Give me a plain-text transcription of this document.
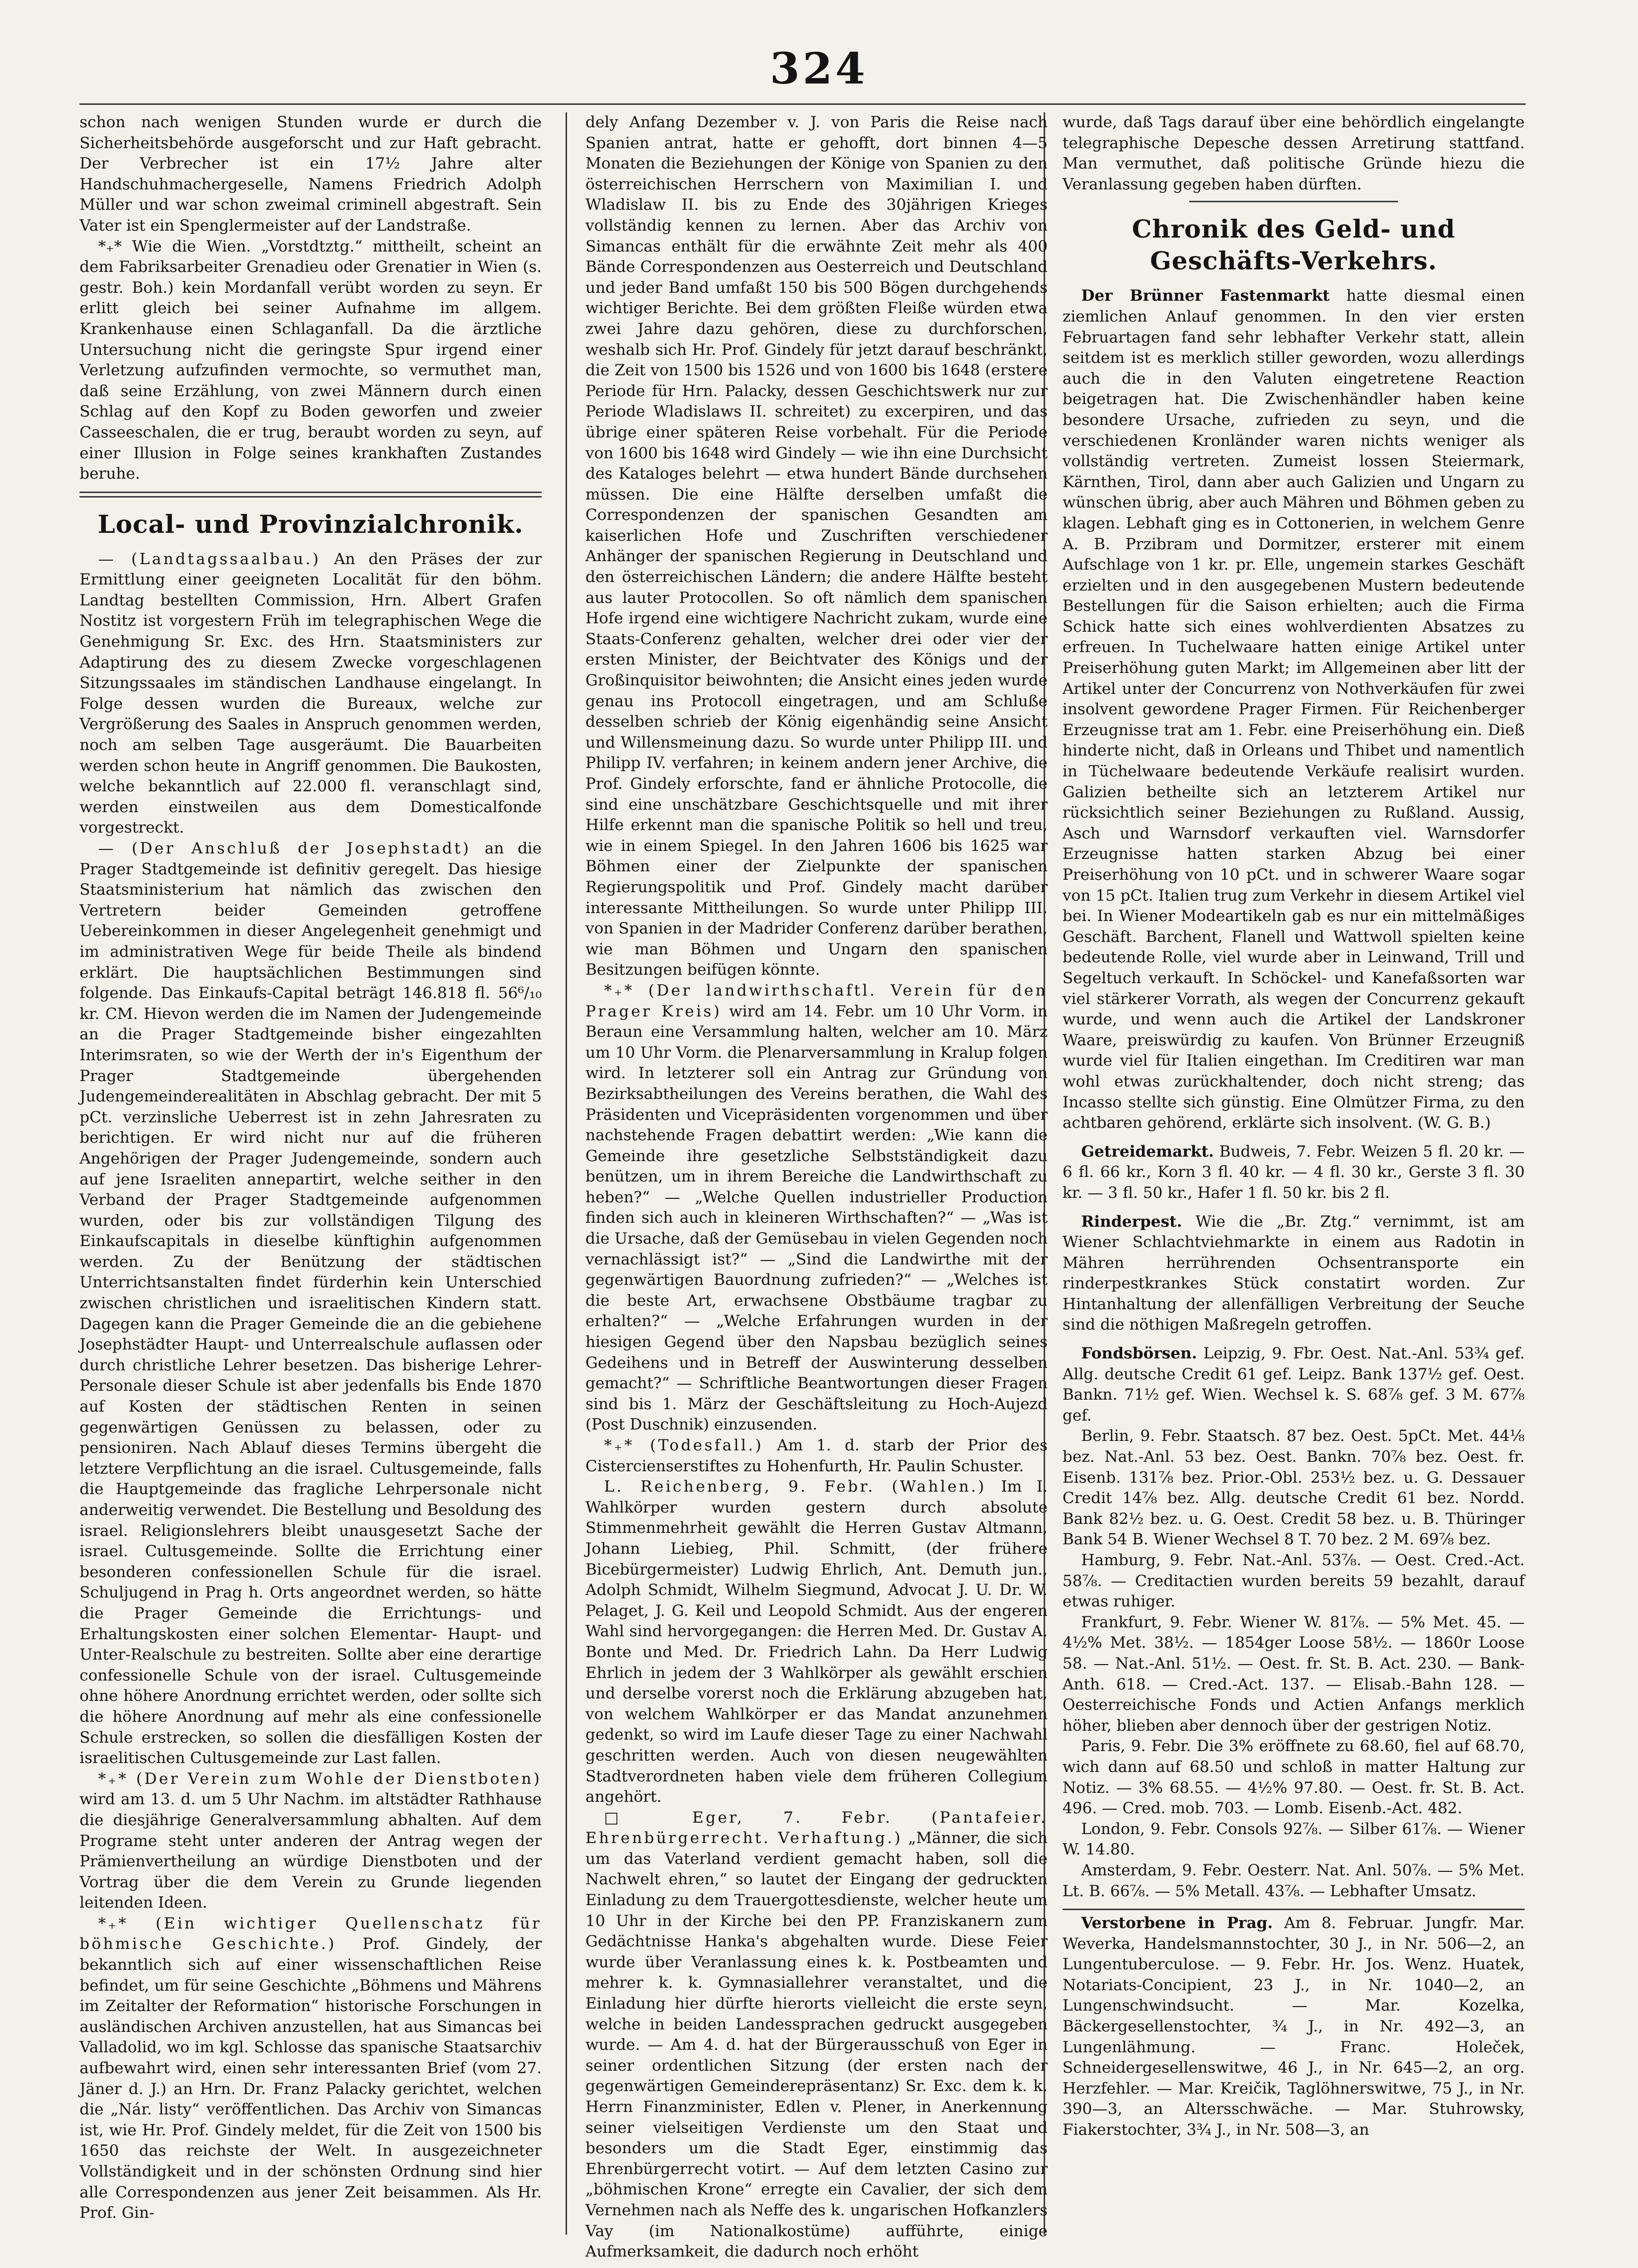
324

schon nach wenigen Stunden wurde er durch die Sicherheitsbehörde ausgeforscht und zur Haft gebracht. Der Verbrecher ist ein 17½ Jahre alter Handschuhmachergeselle, Namens Friedrich Adolph Müller und war schon zweimal criminell abgestraft. Sein Vater ist ein Spenglermeister auf der Landstraße.

*₊* Wie die Wien. „Vorstdtztg.“ mittheilt, scheint an dem Fabriksarbeiter Grenadieu oder Grenatier in Wien (s. gestr. Boh.) kein Mordanfall verübt worden zu seyn. Er erlitt gleich bei seiner Aufnahme im allgem. Krankenhause einen Schlaganfall. Da die ärztliche Untersuchung nicht die geringste Spur irgend einer Verletzung aufzufinden vermochte, so vermuthet man, daß seine Erzählung, von zwei Männern durch einen Schlag auf den Kopf zu Boden geworfen und zweier Casseeschalen, die er trug, beraubt worden zu seyn, auf einer Illusion in Folge seines krankhaften Zustandes beruhe.

Local- und Provinzialchronik.

— (Landtagssaalbau.) An den Präses der zur Ermittlung einer geeigneten Localität für den böhm. Landtag bestellten Commission, Hrn. Albert Grafen Nostitz ist vorgestern Früh im telegraphischen Wege die Genehmigung Sr. Exc. des Hrn. Staatsministers zur Adaptirung des zu diesem Zwecke vorgeschlagenen Sitzungssaales im ständischen Landhause eingelangt. In Folge dessen wurden die Bureaux, welche zur Vergrößerung des Saales in Anspruch genommen werden, noch am selben Tage ausgeräumt. Die Bauarbeiten werden schon heute in Angriff genommen. Die Baukosten, welche bekanntlich auf 22.000 fl. veranschlagt sind, werden einstweilen aus dem Domesticalfonde vorgestreckt.

— (Der Anschluß der Josephstadt) an die Prager Stadtgemeinde ist definitiv geregelt. Das hiesige Staatsministerium hat nämlich das zwischen den Vertretern beider Gemeinden getroffene Uebereinkommen in dieser Angelegenheit genehmigt und im administrativen Wege für beide Theile als bindend erklärt. Die hauptsächlichen Bestimmungen sind folgende. Das Einkaufs-Capital beträgt 146.818 fl. 56⁶/₁₀ kr. CM. Hievon werden die im Namen der Judengemeinde an die Prager Stadtgemeinde bisher eingezahlten Interimsraten, so wie der Werth der in's Eigenthum der Prager Stadtgemeinde übergehenden Judengemeinderealitäten in Abschlag gebracht. Der mit 5 pCt. verzinsliche Ueberrest ist in zehn Jahresraten zu berichtigen. Er wird nicht nur auf die früheren Angehörigen der Prager Judengemeinde, sondern auch auf jene Israeliten annepartirt, welche seither in den Verband der Prager Stadtgemeinde aufgenommen wurden, oder bis zur vollständigen Tilgung des Einkaufscapitals in dieselbe künftighin aufgenommen werden. Zu der Benützung der städtischen Unterrichtsanstalten findet fürderhin kein Unterschied zwischen christlichen und israelitischen Kindern statt. Dagegen kann die Prager Gemeinde die an die gebiehene Josephstädter Haupt- und Unterrealschule auflassen oder durch christliche Lehrer besetzen. Das bisherige Lehrer-Personale dieser Schule ist aber jedenfalls bis Ende 1870 auf Kosten der städtischen Renten in seinen gegenwärtigen Genüssen zu belassen, oder zu pensioniren. Nach Ablauf dieses Termins übergeht die letztere Verpflichtung an die israel. Cultusgemeinde, falls die Hauptgemeinde das fragliche Lehrpersonale nicht anderweitig verwendet. Die Bestellung und Besoldung des israel. Religionslehrers bleibt unausgesetzt Sache der israel. Cultusgemeinde. Sollte die Errichtung einer besonderen confessionellen Schule für die israel. Schuljugend in Prag h. Orts angeordnet werden, so hätte die Prager Gemeinde die Errichtungs- und Erhaltungskosten einer solchen Elementar- Haupt- und Unter-Realschule zu bestreiten. Sollte aber eine derartige confessionelle Schule von der israel. Cultusgemeinde ohne höhere Anordnung errichtet werden, oder sollte sich die höhere Anordnung auf mehr als eine confessionelle Schule erstrecken, so sollen die diesfälligen Kosten der israelitischen Cultusgemeinde zur Last fallen.

*₊* (Der Verein zum Wohle der Dienstboten) wird am 13. d. um 5 Uhr Nachm. im altstädter Rathhause die diesjährige Generalversammlung abhalten. Auf dem Programe steht unter anderen der Antrag wegen der Prämienvertheilung an würdige Dienstboten und der Vortrag über die dem Verein zu Grunde liegenden leitenden Ideen.

*₊* (Ein wichtiger Quellenschatz für böhmische Geschichte.) Prof. Gindely, der bekanntlich sich auf einer wissenschaftlichen Reise befindet, um für seine Geschichte „Böhmens und Mährens im Zeitalter der Reformation“ historische Forschungen in ausländischen Archiven anzustellen, hat aus Simancas bei Valladolid, wo im kgl. Schlosse das spanische Staatsarchiv aufbewahrt wird, einen sehr interessanten Brief (vom 27. Jäner d. J.) an Hrn. Dr. Franz Palacky gerichtet, welchen die „Nár. listy“ veröffentlichen. Das Archiv von Simancas ist, wie Hr. Prof. Gindely meldet, für die Zeit von 1500 bis 1650 das reichste der Welt. In ausgezeichneter Vollständigkeit und in der schönsten Ordnung sind hier alle Correspondenzen aus jener Zeit beisammen. Als Hr. Prof. Gin-

dely Anfang Dezember v. J. von Paris die Reise nach Spanien antrat, hatte er gehofft, dort binnen 4—5 Monaten die Beziehungen der Könige von Spanien zu den österreichischen Herrschern von Maximilian I. und Wladislaw II. bis zu Ende des 30jährigen Krieges vollständig kennen zu lernen. Aber das Archiv von Simancas enthält für die erwähnte Zeit mehr als 400 Bände Correspondenzen aus Oesterreich und Deutschland und jeder Band umfaßt 150 bis 500 Bögen durchgehends wichtiger Berichte. Bei dem größten Fleiße würden etwa zwei Jahre dazu gehören, diese zu durchforschen, weshalb sich Hr. Prof. Gindely für jetzt darauf beschränkt, die Zeit von 1500 bis 1526 und von 1600 bis 1648 (erstere Periode für Hrn. Palacky, dessen Geschichtswerk nur zur Periode Wladislaws II. schreitet) zu excerpiren, und das übrige einer späteren Reise vorbehalt. Für die Periode von 1600 bis 1648 wird Gindely — wie ihn eine Durchsicht des Kataloges belehrt — etwa hundert Bände durchsehen müssen. Die eine Hälfte derselben umfaßt die Correspondenzen der spanischen Gesandten am kaiserlichen Hofe und Zuschriften verschiedener Anhänger der spanischen Regierung in Deutschland und den österreichischen Ländern; die andere Hälfte besteht aus lauter Protocollen. So oft nämlich dem spanischen Hofe irgend eine wichtigere Nachricht zukam, wurde eine Staats-Conferenz gehalten, welcher drei oder vier der ersten Minister, der Beichtvater des Königs und der Großinquisitor beiwohnten; die Ansicht eines jeden wurde genau ins Protocoll eingetragen, und am Schluße desselben schrieb der König eigenhändig seine Ansicht und Willensmeinung dazu. So wurde unter Philipp III. und Philipp IV. verfahren; in keinem andern jener Archive, die Prof. Gindely erforschte, fand er ähnliche Protocolle, die sind eine unschätzbare Geschichtsquelle und mit ihrer Hilfe erkennt man die spanische Politik so hell und treu, wie in einem Spiegel. In den Jahren 1606 bis 1625 war Böhmen einer der Zielpunkte der spanischen Regierungspolitik und Prof. Gindely macht darüber interessante Mittheilungen. So wurde unter Philipp III. von Spanien in der Madrider Conferenz darüber berathen, wie man Böhmen und Ungarn den spanischen Besitzungen beifügen könnte.

*₊* (Der landwirthschaftl. Verein für den Prager Kreis) wird am 14. Febr. um 10 Uhr Vorm. in Beraun eine Versammlung halten, welcher am 10. März um 10 Uhr Vorm. die Plenarversammlung in Kralup folgen wird. In letzterer soll ein Antrag zur Gründung von Bezirksabtheilungen des Vereins berathen, die Wahl des Präsidenten und Vicepräsidenten vorgenommen und über nachstehende Fragen debattirt werden: „Wie kann die Gemeinde ihre gesetzliche Selbstständigkeit dazu benützen, um in ihrem Bereiche die Landwirthschaft zu heben?“ — „Welche Quellen industrieller Production finden sich auch in kleineren Wirthschaften?“ — „Was ist die Ursache, daß der Gemüsebau in vielen Gegenden noch vernachlässigt ist?“ — „Sind die Landwirthe mit der gegenwärtigen Bauordnung zufrieden?“ — „Welches ist die beste Art, erwachsene Obstbäume tragbar zu erhalten?“ — „Welche Erfahrungen wurden in der hiesigen Gegend über den Napsbau bezüglich seines Gedeihens und in Betreff der Auswinterung desselben gemacht?“ — Schriftliche Beantwortungen dieser Fragen sind bis 1. März der Geschäftsleitung zu Hoch-Aujezd (Post Duschnik) einzusenden.

*₊* (Todesfall.) Am 1. d. starb der Prior des Cistercienserstiftes zu Hohenfurth, Hr. Paulin Schuster.

L. Reichenberg, 9. Febr. (Wahlen.) Im I. Wahlkörper wurden gestern durch absolute Stimmenmehrheit gewählt die Herren Gustav Altmann, Johann Liebieg, Phil. Schmitt, (der frühere Bicebürgermeister) Ludwig Ehrlich, Ant. Demuth jun., Adolph Schmidt, Wilhelm Siegmund, Advocat J. U. Dr. W. Pelaget, J. G. Keil und Leopold Schmidt. Aus der engeren Wahl sind hervorgegangen: die Herren Med. Dr. Gustav A. Bonte und Med. Dr. Friedrich Lahn. Da Herr Ludwig Ehrlich in jedem der 3 Wahlkörper als gewählt erschien und derselbe vorerst noch die Erklärung abzugeben hat, von welchem Wahlkörper er das Mandat anzunehmen gedenkt, so wird im Laufe dieser Tage zu einer Nachwahl geschritten werden. Auch von diesen neugewählten Stadtverordneten haben viele dem früheren Collegium angehört.

□ Eger, 7. Febr. (Pantafeier. Ehrenbürgerrecht. Verhaftung.) „Männer, die sich um das Vaterland verdient gemacht haben, soll die Nachwelt ehren,“ so lautet der Eingang der gedruckten Einladung zu dem Trauergottesdienste, welcher heute um 10 Uhr in der Kirche bei den PP. Franziskanern zum Gedächtnisse Hanka's abgehalten wurde. Diese Feier wurde über Veranlassung eines k. k. Postbeamten und mehrer k. k. Gymnasiallehrer veranstaltet, und die Einladung hier dürfte hierorts vielleicht die erste seyn, welche in beiden Landessprachen gedruckt ausgegeben wurde. — Am 4. d. hat der Bürgerausschuß von Eger in seiner ordentlichen Sitzung (der ersten nach der gegenwärtigen Gemeinderepräsentanz) Sr. Exc. dem k. k. Herrn Finanzminister, Edlen v. Plener, in Anerkennung seiner vielseitigen Verdienste um den Staat und besonders um die Stadt Eger, einstimmig das Ehrenbürgerrecht votirt. — Auf dem letzten Casino zur „böhmischen Krone“ erregte ein Cavalier, der sich dem Vernehmen nach als Neffe des k. ungarischen Hofkanzlers Vay (im Nationalkostüme) aufführte, einige Aufmerksamkeit, die dadurch noch erhöht

wurde, daß Tags darauf über eine behördlich eingelangte telegraphische Depesche dessen Arretirung stattfand. Man vermuthet, daß politische Gründe hiezu die Veranlassung gegeben haben dürften.

Chronik des Geld- und Geschäfts-Verkehrs.

Der Brünner Fastenmarkt hatte diesmal einen ziemlichen Anlauf genommen. In den vier ersten Februartagen fand sehr lebhafter Verkehr statt, allein seitdem ist es merklich stiller geworden, wozu allerdings auch die in den Valuten eingetretene Reaction beigetragen hat. Die Zwischenhändler haben keine besondere Ursache, zufrieden zu seyn, und die verschiedenen Kronländer waren nichts weniger als vollständig vertreten. Zumeist lossen Steiermark, Kärnthen, Tirol, dann aber auch Galizien und Ungarn zu wünschen übrig, aber auch Mähren und Böhmen geben zu klagen. Lebhaft ging es in Cottonerien, in welchem Genre A. B. Przibram und Dormitzer, ersterer mit einem Aufschlage von 1 kr. pr. Elle, ungemein starkes Geschäft erzielten und in den ausgegebenen Mustern bedeutende Bestellungen für die Saison erhielten; auch die Firma Schick hatte sich eines wohlverdienten Absatzes zu erfreuen. In Tuchelwaare hatten einige Artikel unter Preiserhöhung guten Markt; im Allgemeinen aber litt der Artikel unter der Concurrenz von Nothverkäufen für zwei insolvent gewordene Prager Firmen. Für Reichenberger Erzeugnisse trat am 1. Febr. eine Preiserhöhung ein. Dieß hinderte nicht, daß in Orleans und Thibet und namentlich in Tüchelwaare bedeutende Verkäufe realisirt wurden. Galizien betheilte sich an letzterem Artikel nur rücksichtlich seiner Beziehungen zu Rußland. Aussig, Asch und Warnsdorf verkauften viel. Warnsdorfer Erzeugnisse hatten starken Abzug bei einer Preiserhöhung von 10 pCt. und in schwerer Waare sogar von 15 pCt. Italien trug zum Verkehr in diesem Artikel viel bei. In Wiener Modeartikeln gab es nur ein mittelmäßiges Geschäft. Barchent, Flanell und Wattwoll spielten keine bedeutende Rolle, viel wurde aber in Leinwand, Trill und Segeltuch verkauft. In Schöckel- und Kanefaßsorten war viel stärkerer Vorrath, als wegen der Concurrenz gekauft wurde, und wenn auch die Artikel der Landskroner Waare, preiswürdig zu kaufen. Von Brünner Erzeugniß wurde viel für Italien eingethan. Im Creditiren war man wohl etwas zurückhaltender, doch nicht streng; das Incasso stellte sich günstig. Eine Olmützer Firma, zu den achtbaren gehörend, erklärte sich insolvent. (W. G. B.)

Getreidemarkt. Budweis, 7. Febr. Weizen 5 fl. 20 kr. — 6 fl. 66 kr., Korn 3 fl. 40 kr. — 4 fl. 30 kr., Gerste 3 fl. 30 kr. — 3 fl. 50 kr., Hafer 1 fl. 50 kr. bis 2 fl.

Rinderpest. Wie die „Br. Ztg.“ vernimmt, ist am Wiener Schlachtviehmarkte in einem aus Radotin in Mähren herrührenden Ochsentransporte ein rinderpestkrankes Stück constatirt worden. Zur Hintanhaltung der allenfälligen Verbreitung der Seuche sind die nöthigen Maßregeln getroffen.

Fondsbörsen. Leipzig, 9. Fbr. Oest. Nat.-Anl. 53¾ gef. Allg. deutsche Credit 61 gef. Leipz. Bank 137½ gef. Oest. Bankn. 71½ gef. Wien. Wechsel k. S. 68⅞ gef. 3 M. 67⅞ gef.

Berlin, 9. Febr. Staatsch. 87 bez. Oest. 5pCt. Met. 44⅛ bez. Nat.-Anl. 53 bez. Oest. Bankn. 70⅞ bez. Oest. fr. Eisenb. 131⅞ bez. Prior.-Obl. 253½ bez. u. G. Dessauer Credit 14⅞ bez. Allg. deutsche Credit 61 bez. Nordd. Bank 82½ bez. u. G. Oest. Credit 58 bez. u. B. Thüringer Bank 54 B. Wiener Wechsel 8 T. 70 bez. 2 M. 69⅞ bez.

Hamburg, 9. Febr. Nat.-Anl. 53⅞. — Oest. Cred.-Act. 58⅞. — Creditactien wurden bereits 59 bezahlt, darauf etwas ruhiger.

Frankfurt, 9. Febr. Wiener W. 81⅞. — 5% Met. 45. — 4½% Met. 38½. — 1854ger Loose 58½. — 1860r Loose 58. — Nat.-Anl. 51½. — Oest. fr. St. B. Act. 230. — Bank-Anth. 618. — Cred.-Act. 137. — Elisab.-Bahn 128. — Oesterreichische Fonds und Actien Anfangs merklich höher, blieben aber dennoch über der gestrigen Notiz.

Paris, 9. Febr. Die 3% eröffnete zu 68.60, fiel auf 68.70, wich dann auf 68.50 und schloß in matter Haltung zur Notiz. — 3% 68.55. — 4½% 97.80. — Oest. fr. St. B. Act. 496. — Cred. mob. 703. — Lomb. Eisenb.-Act. 482.

London, 9. Febr. Consols 92⅞. — Silber 61⅞. — Wiener W. 14.80.

Amsterdam, 9. Febr. Oesterr. Nat. Anl. 50⅞. — 5% Met. Lt. B. 66⅞. — 5% Metall. 43⅞. — Lebhafter Umsatz.

Verstorbene in Prag. Am 8. Februar. Jungfr. Mar. Weverka, Handelsmannstochter, 30 J., in Nr. 506—2, an Lungentuberculose. — 9. Febr. Hr. Jos. Wenz. Huatek, Notariats-Concipient, 23 J., in Nr. 1040—2, an Lungenschwindsucht. — Mar. Kozelka, Bäckergesellenstochter, ¾ J., in Nr. 492—3, an Lungenlähmung. — Franc. Holeček, Schneidergesellenswitwe, 46 J., in Nr. 645—2, an org. Herzfehler. — Mar. Kreičik, Taglöhnerswitwe, 75 J., in Nr. 390—3, an Altersschwäche. — Mar. Stuhrowsky, Fiakerstochter, 3¾ J., in Nr. 508—3, an
